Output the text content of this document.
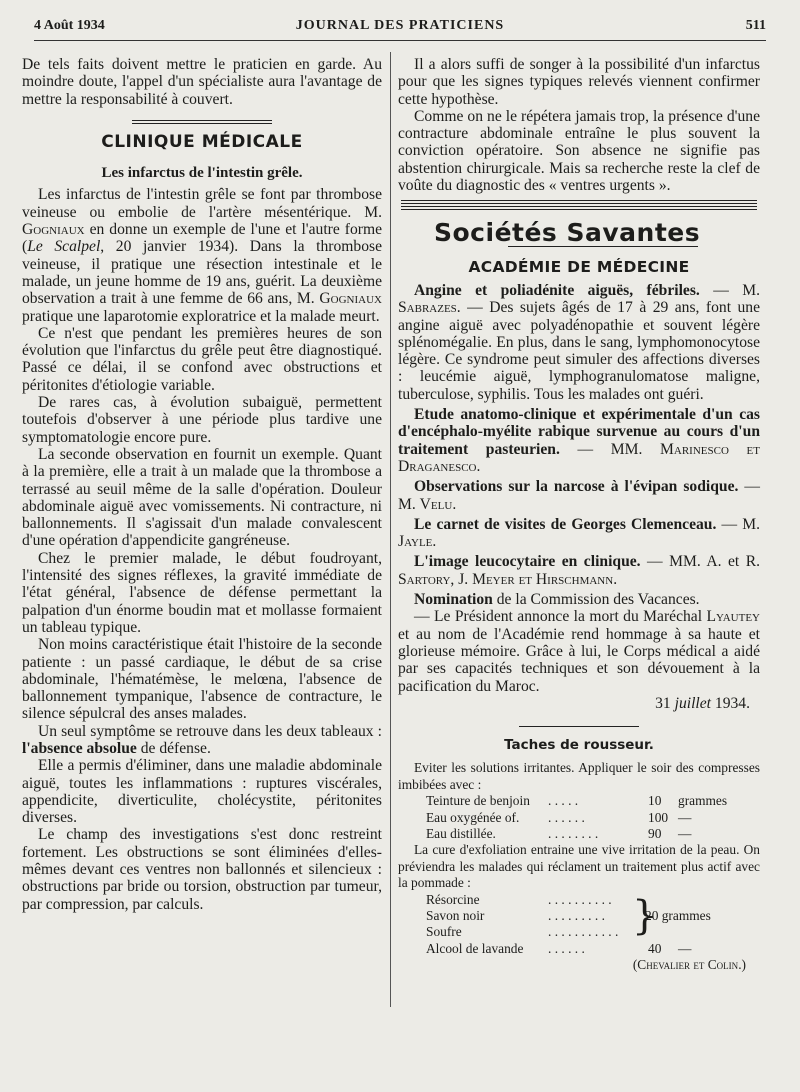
4 Août 1934	JOURNAL DES PRATICIENS	511

De tels faits doivent mettre le praticien en garde. Au moindre doute, l'appel d'un spécialiste aura l'avantage de mettre la responsabilité à couvert.

CLINIQUE MÉDICALE
Les infarctus de l'intestin grêle.

Les infarctus de l'intestin grêle se font par thrombose veineuse ou embolie de l'artère mésentérique. M. Gogniaux en donne un exemple de l'une et l'autre forme (Le Scalpel, 20 janvier 1934). Dans la thrombose veineuse, il pratique une résection intestinale et le malade, un jeune homme de 19 ans, guérit. La deuxième observation a trait à une femme de 66 ans, M. Gogniaux pratique une laparotomie exploratrice et la malade meurt.

Ce n'est que pendant les premières heures de son évolution que l'infarctus du grêle peut être diagnostiqué. Passé ce délai, il se confond avec obstructions et péritonites d'étiologie variable.

De rares cas, à évolution subaiguë, permettent toutefois d'observer à une période plus tardive une symptomatologie encore pure.

La seconde observation en fournit un exemple. Quant à la première, elle a trait à un malade que la thrombose a terrassé au seuil même de la salle d'opération. Douleur abdominale aiguë avec vomissements. Ni contracture, ni ballonnements. Il s'agissait d'un malade convalescent d'une opération d'appendicite gangréneuse.

Chez le premier malade, le début foudroyant, l'intensité des signes réflexes, la gravité immédiate de l'état général, l'absence de défense permettant la palpation d'un énorme boudin mat et mollasse formaient un tableau typique.

Non moins caractéristique était l'histoire de la seconde patiente : un passé cardiaque, le début de sa crise abdominale, l'hématémèse, le melœna, l'absence de ballonnement tympanique, l'absence de contracture, le silence sépulcral des anses malades.

Un seul symptôme se retrouve dans les deux tableaux : l'absence absolue de défense.

Elle a permis d'éliminer, dans une maladie abdominale aiguë, toutes les inflammations : ruptures viscérales, appendicite, diverticulite, cholécystite, péritonites diverses.

Le champ des investigations s'est donc restreint fortement. Les obstructions se sont éliminées d'elles-mêmes devant ces ventres non ballonnés et silencieux : obstructions par bride ou torsion, obstruction par tumeur, par compression, par calculs.

Il a alors suffi de songer à la possibilité d'un infarctus pour que les signes typiques relevés viennent confirmer cette hypothèse.

Comme on ne le répétera jamais trop, la présence d'une contracture abdominale entraîne le plus souvent la conviction opératoire. Son absence ne signifie pas abstention chirurgicale. Mais sa recherche reste la clef de voûte du diagnostic des « ventres urgents ».

Sociétés Savantes
ACADÉMIE DE MÉDECINE

Angine et poliadénite aiguës, fébriles. — M. Sabrazes. — Des sujets âgés de 17 à 29 ans, font une angine aiguë avec polyadénopathie et souvent légère splénomégalie. En plus, dans le sang, lymphomonocytose légère. Ce syndrome peut simuler des affections diverses : leucémie aiguë, lymphogranulomatose maligne, tuberculose, syphilis. Tous les malades ont guéri.

Etude anatomo-clinique et expérimentale d'un cas d'encéphalo-myélite rabique survenue au cours d'un traitement pasteurien. — MM. Marinesco et Draganesco.

Observations sur la narcose à l'évipan sodique. — M. Velu.

Le carnet de visites de Georges Clemenceau. — M. Jayle.

L'image leucocytaire en clinique. — MM. A. et R. Sartory, J. Meyer et Hirschmann.

Nomination de la Commission des Vacances.

— Le Président annonce la mort du Maréchal Lyautey et au nom de l'Académie rend hommage à sa haute et glorieuse mémoire. Grâce à lui, le Corps médical a aidé par ses capacités techniques et son dévouement à la pacification du Maroc.

31 juillet 1934.
Taches de rousseur.

Eviter les solutions irritantes. Appliquer le soir des compresses imbibées avec :

Teinture de benjoin . . . . .	10 grammes
Eau oxygénée of. . . . . . .	100 —
Eau distillée.	. . . . . . . .	90 —

La cure d'exfoliation entraine une vive irritation de la peau. On préviendra les malades qui réclament un traitement plus actif avec la pommade :

Résorcine	. . . . . . . . . .
Savon noir	. . . . . . . . .
Soufre	. . . . . . . . . . . }
20 grammes
Alcool de lavande . . . . . .	40 —
(Chevalier et Colin.)
